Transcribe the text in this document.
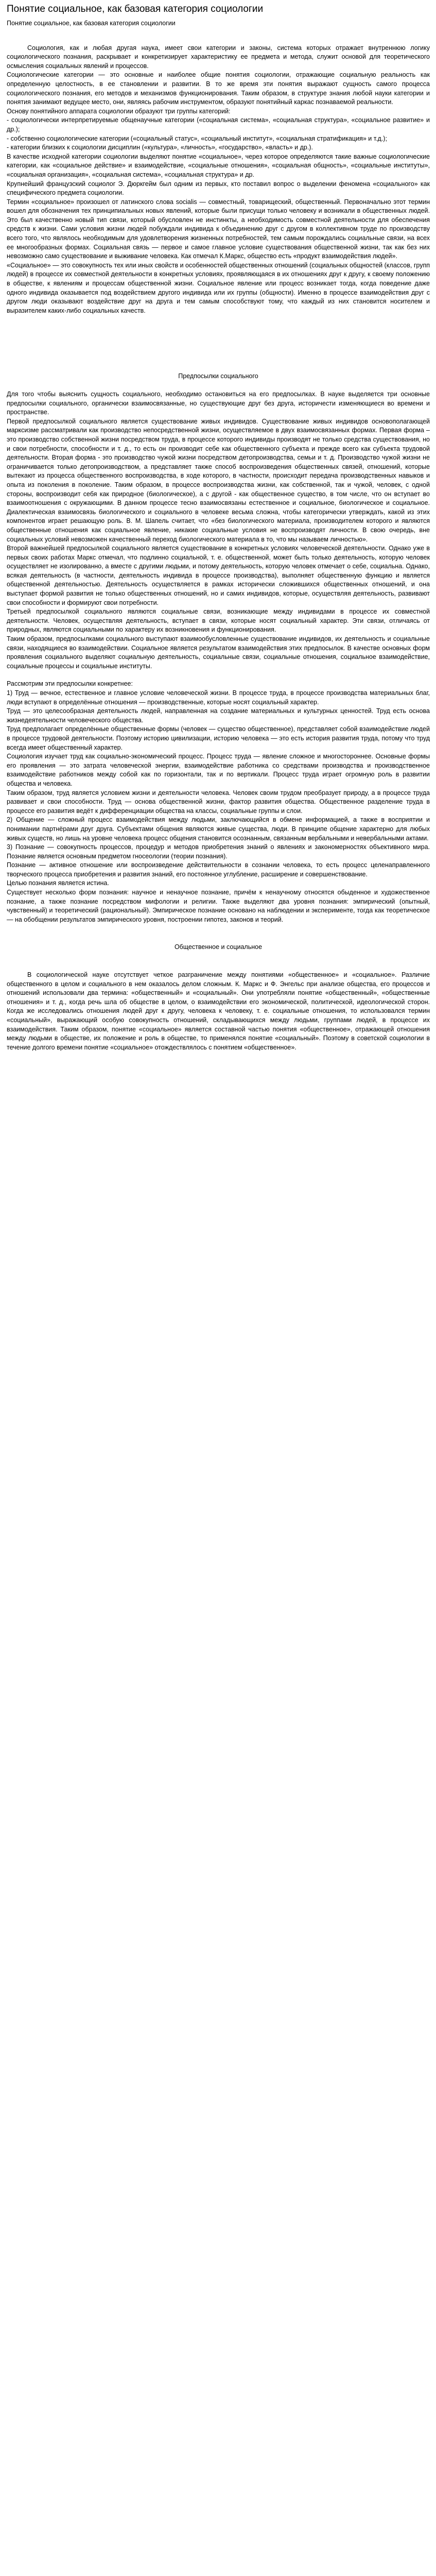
Понятие социальное, как базовая категория социологии

Понятие социальное, как базовая категория социологии

Социология, как и любая другая наука, имеет свои категории и законы, система которых отражает внутреннюю логику социологического познания, раскрывает и конкретизирует характеристику ее предмета и метода, служит основой для теоретического осмысления социальных явлений и процессов.

Социологические категории — это основные и наиболее общие понятия социологии, отражающие социальную реальность как определенную целостность, в ее становлении и развитии. В то же время эти понятия выражают сущность самого процесса социологического познания, его методов и механизмов функционирования. Таким образом, в структуре знания любой науки категории и понятия занимают ведущее место, они, являясь рабочим инструментом, образуют понятийный каркас познаваемой реальности.

Основу понятийного аппарата социологии образуют три группы категорий:

- социологически интерпретируемые общенаучные категории («социальная система», «социальная структура», «социальное развитие» и др.);

- собственно социологические категории («социальный статус», «социальный институт», «социальная стратификация» и т.д.);

- категории близких к социологии дисциплин («культура», «личность», «государство», «власть» и др.).

В качестве исходной категории социологии выделяют понятие «социальное», через которое определяются такие важные социологические категории, как «социальное действие» и взаимодействие, «социальные отношения», «социальная общность», «социальные институты», «социальная организация», «социальная система», «социальная структура» и др.

Крупнейший французский социолог Э. Дюркгейм был одним из первых, кто поставил вопрос о выделении феномена «социального» как специфического предмета социологии.

Термин «социальное» произошел от латинского слова socialis — совместный, товарищеский, общественный. Первоначально этот термин вошел для обозначения тех принципиальных новых явлений, которые были присущи только человеку и возникали в общественных людей. Это был качественно новый тип связи, который обусловлен не инстинкты, а необходимость совместной деятельности для обеспечения средств к жизни. Сами условия жизни людей побуждали индивида к объединению друг с другом в коллективном труде по производству всего того, что являлось необходимым для удовлетворения жизненных потребностей, тем самым порождались социальные связи, на всех ее многообразных формах. Социальная связь — первое и самое главное условие существования общественной жизни, так как без них невозможно само существование и выживание человека. Как отмечал К.Маркс, общество есть «продукт взаимодействия людей».

«Социальное» — это совокупность тех или иных свойств и особенностей общественных отношений (социальных общностей (классов, групп людей) в процессе их совместной деятельности в конкретных условиях, проявляющаяся в их отношениях друг к другу, к своему положению в обществе, к явлениям и процессам общественной жизни. Социальное явление или процесс возникает тогда, когда поведение даже одного индивида оказывается под воздействием другого индивида или их группы (общности). Именно в процессе взаимодействия друг с другом люди оказывают воздействие друг на друга и тем самым способствуют тому, что каждый из них становится носителем и выразителем каких-либо социальных качеств.

Предпосылки социального

Для того чтобы выяснить сущность социального, необходимо остановиться на его предпосылках. В науке выделяется три основные предпосылки социального, органически взаимосвязанные, но существующие друг без друга, историчести изменяющиеся во времени и пространстве.

Первой предпосылкой социального является существование живых индивидов. Существование живых индивидов основополагающей марксизме рассматривали как производство непосредственной жизни, осуществляемое в двух взаимосвязанных формах. Первая форма – это производство собственной жизни посредством труда, в процессе которого индивиды производят не только средства существования, но и свои потребности, способности и т. д., то есть он производит себе как общественного субъекта и прежде всего как субъекта трудовой деятельности. Вторая форма - это производство чужой жизни посредством детопроизводства, семьи и т. д. Производство чужой жизни не ограничивается только детопроизводством, а представляет также способ воспроизведения общественных связей, отношений, которые вытекают из процесса общественного воспроизводства, в ходе которого, в частности, происходит передача производственных навыков и опыта из поколения в поколение. Таким образом, в процессе воспроизводства жизни, как собственной, так и чужой, человек, с одной стороны, воспроизводит себя как природное (биологическое), а с другой - как общественное существо, в том числе, что он вступает во взаимоотношения с окружающими. В данном процессе тесно взаимосвязаны естественное и социальное, биологическое и социальное. Диалектическая взаимосвязь биологического и социального в человеке весьма сложна, чтобы категорически утверждать, какой из этих компонентов играет решающую роль. В. М. Шапель считает, что «без биологического материала, производителем которого и являются общественные отношения как социальное явление, никакие социальные условия не воспроизводят личности. В свою очередь, вне социальных условий невозможен качественный переход биологического материала в то, что мы называем личностью».

Второй важнейшей предпосылкой социального является существование в конкретных условиях человеческой деятельности. Однако уже в первых своих работах Маркс отмечал, что подлинно социальной, т. е. общественной, может быть только деятельность, которую человек осуществляет не изолированно, а вместе с другими людьми, и потому деятельность, которую человек отмечает о себе, социальна. Однако, всякая деятельность (в частности, деятельность индивида в процессе производства), выполняет общественную функцию и является общественной деятельностью. Деятельность осуществляется в рамках исторически сложившихся общественных отношений, и она выступает формой развития не только общественных отношений, но и самих индивидов, которые, осуществляя деятельность, развивают свои способности и формируют свои потребности.

Третьей предпосылкой социального являются социальные связи, возникающие между индивидами в процессе их совместной деятельности. Человек, осуществляя деятельность, вступает в связи, которые носят социальный характер. Эти связи, отличаясь от природных, являются социальными по характеру их возникновения и функционирования.

Таким образом, предпосылками социального выступают взаимообусловленные существование индивидов, их деятельность и социальные связи, находящиеся во взаимодействии. Социальное является результатом взаимодействия этих предпосылок. В качестве основных форм проявления социального выделяют социальную деятельность, социальные связи, социальные отношения, социальное взаимодействие, социальные процессы и социальные институты.

Рассмотрим эти предпосылки конкретнее:

1) Труд — вечное, естественное и главное условие человеческой жизни. В процессе труда, в процессе производства материальных благ, люди вступают в определённые отношения — производственные, которые носят социальный характер.

Труд — это целесообразная деятельность людей, направленная на создание материальных и культурных ценностей. Труд есть основа жизнедеятельности человеческого общества.

Труд предполагает определённые общественные формы (человек — существо общественное), представляет собой взаимодействие людей в процессе трудовой деятельности. Поэтому историю цивилизации, историю человека — это есть история развития труда, потому что труд всегда имеет общественный характер.

Социология изучает труд как социально-экономический процесс. Процесс труда — явление сложное и многостороннее. Основные формы его проявления — это затрата человеческой энергии, взаимодействие работника со средствами производства и производственное взаимодействие работников между собой как по горизонтали, так и по вертикали. Процесс труда играет огромную роль в развитии общества и человека.

Таким образом, труд является условием жизни и деятельности человека. Человек своим трудом преобразует природу, а в процессе труда развивает и свои способности. Труд — основа общественной жизни, фактор развития общества. Общественное разделение труда в процессе его развития ведёт к дифференциации общества на классы, социальные группы и слои.

2) Общение — сложный процесс взаимодействия между людьми, заключающийся в обмене информацией, а также в восприятии и понимании партнёрами друг друга. Субъектами общения являются живые существа, люди. В принципе общение характерно для любых живых существ, но лишь на уровне человека процесс общения становится осознанным, связанным вербальными и невербальными актами.

3) Познание — совокупность процессов, процедур и методов приобретения знаний о явлениях и закономерностях объективного мира. Познание является основным предметом гносеологии (теории познания).

Познание — активное отношение или воспроизведение действительности в сознании человека, то есть процесс целенаправленного творческого процесса приобретения и развития знаний, его постоянное углубление, расширение и совершенствование.

Целью познания является истина.

Существует несколько форм познания: научное и ненаучное познание, причём к ненаучному относятся обыденное и художественное познание, а также познание посредством мифологии и религии. Также выделяют два уровня познания: эмпирический (опытный, чувственный) и теоретический (рациональный). Эмпирическое познание основано на наблюдении и эксперименте, тогда как теоретическое — на обобщении результатов эмпирического уровня, построении гипотез, законов и теорий.

Общественное и социальное

В социологической науке отсутствует четкое разграничение между понятиями «общественное» и «социальное». Различие общественного в целом и социального в нем оказалось делом сложным. К. Маркс и Ф. Энгельс при анализе общества, его процессов и отношений использовали два термина: «общественный» и «социальный». Они употребляли понятие «общественный», «общественные отношения» и т. д., когда речь шла об обществе в целом, о взаимодействии его экономической, политической, идеологической сторон. Когда же исследовались отношения людей друг к другу, человека к человеку, т. е. социальные отношения, то использовался термин «социальный», выражающий особую совокупность отношений, складывающихся между людьми, группами людей, в процессе их взаимодействия. Таким образом, понятие «социальное» является составной частью понятия «общественное», отражающей отношения между людьми в обществе, их положение и роль в обществе, то применялся понятие «социальный». Поэтому в советской социологии в течение долгого времени понятие «социальное» отождествлялось с понятием «общественное».
